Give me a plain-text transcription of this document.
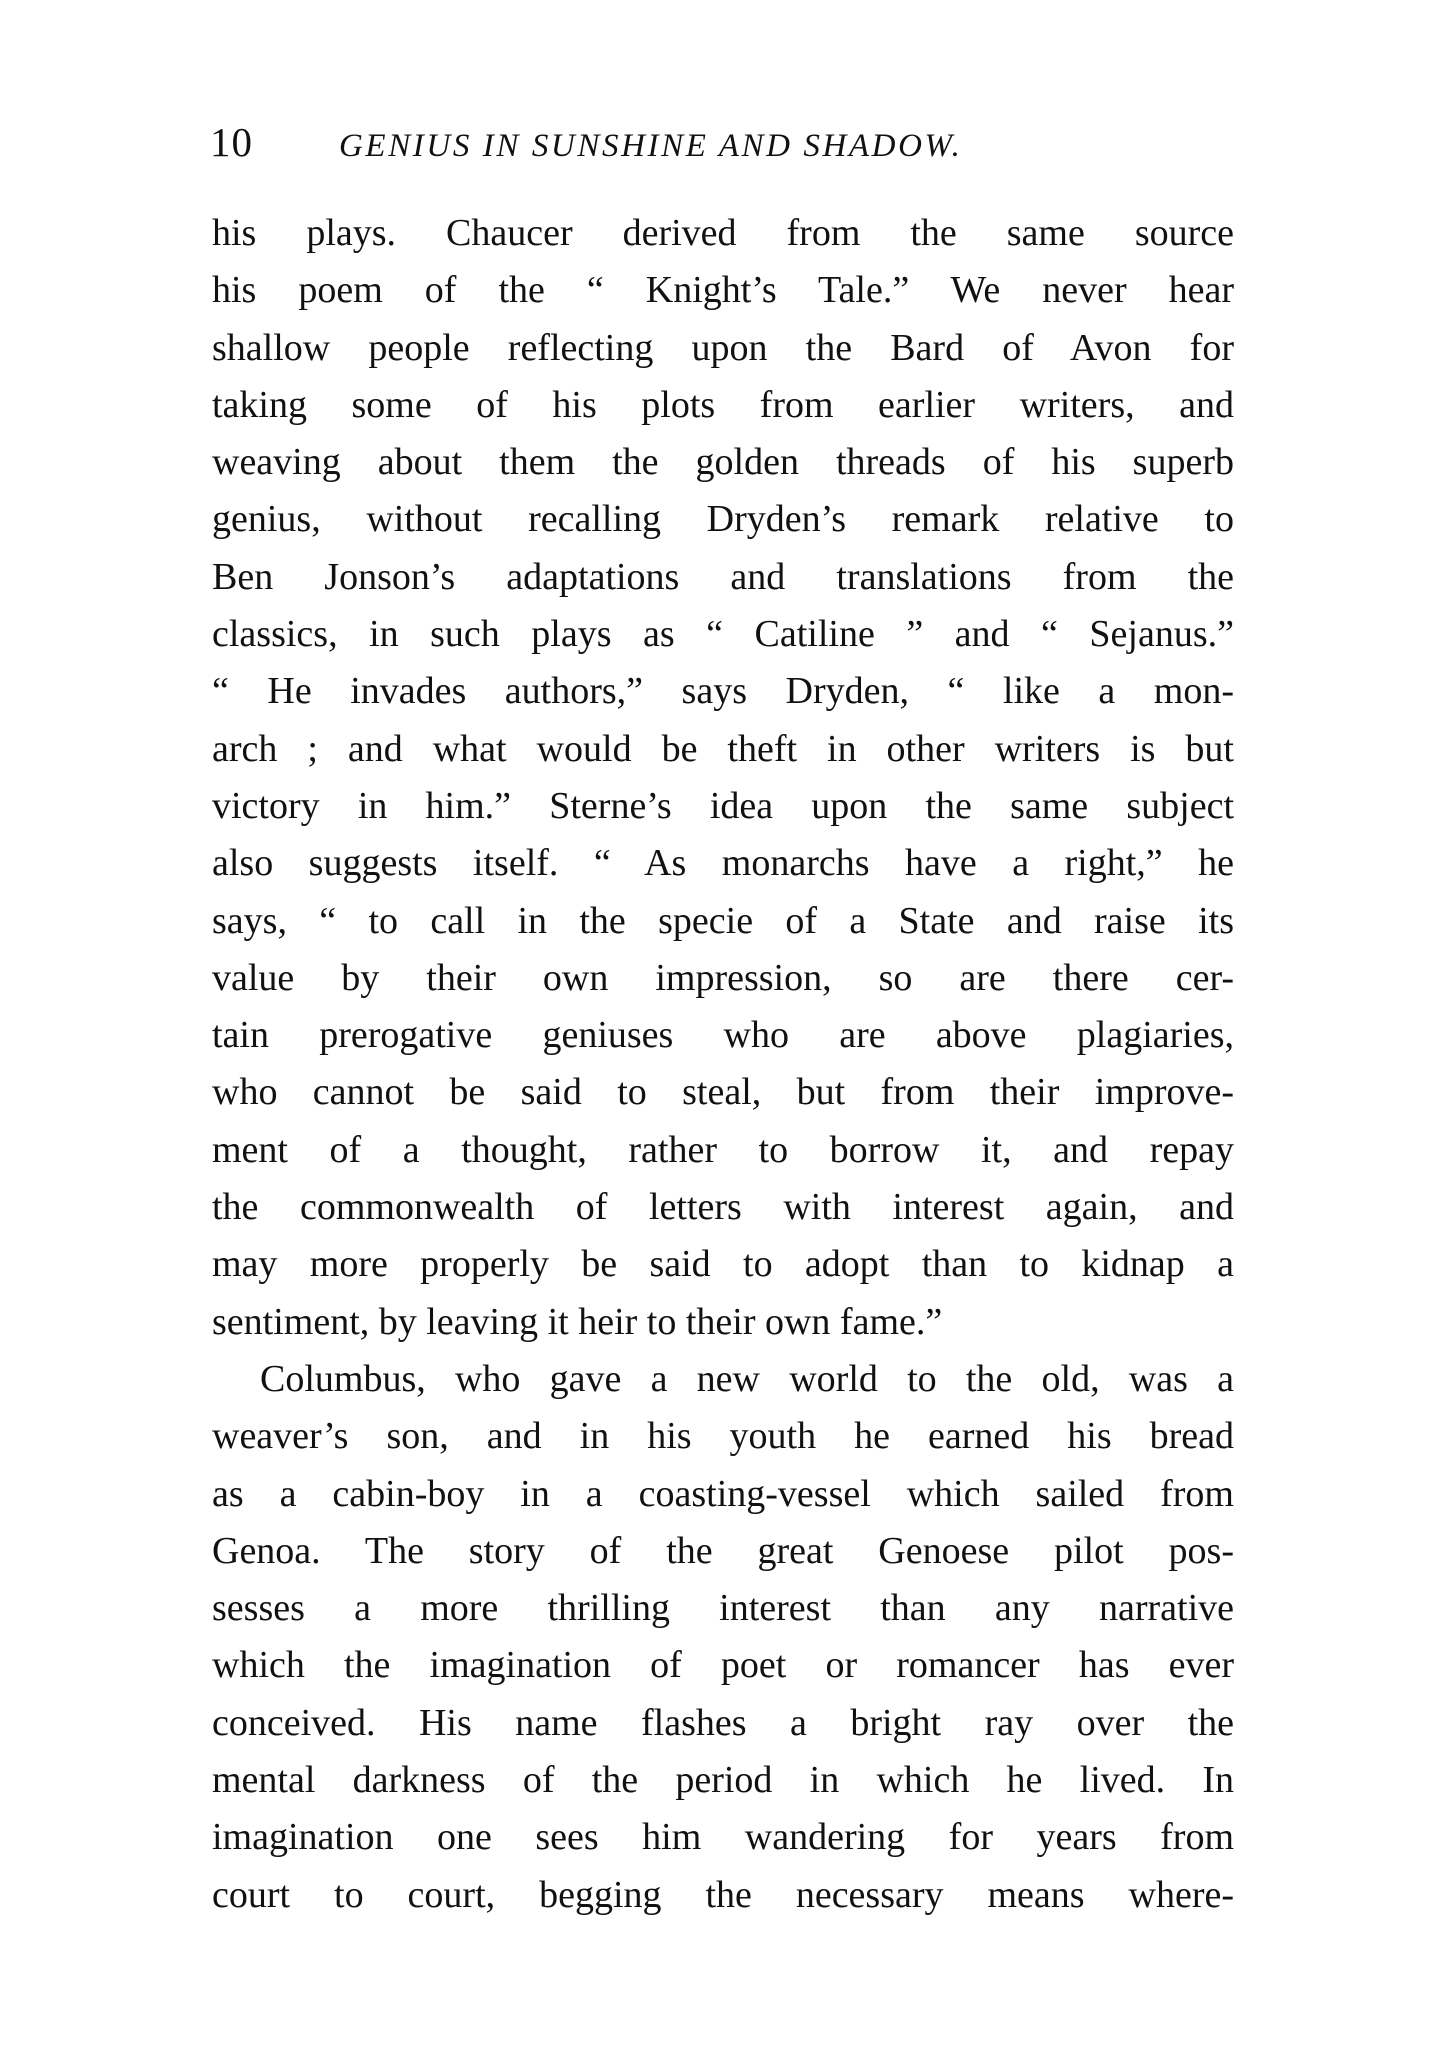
10	GENIUS IN SUNSHINE AND SHADOW.
his plays. Chaucer derived from the same source
his poem of the “ Knight’s Tale.” We never hear
shallow people reflecting upon the Bard of Avon for
taking some of his plots from earlier writers, and
weaving about them the golden threads of his superb
genius, without recalling Dryden’s remark relative to
Ben Jonson’s adaptations and translations from the
classics, in such plays as “ Catiline ” and “ Sejanus.”
“ He invades authors,” says Dryden, “ like a mon-
arch ; and what would be theft in other writers is but
victory in him.” Sterne’s idea upon the same subject
also suggests itself. “ As monarchs have a right,” he
says, “ to call in the specie of a State and raise its
value by their own impression, so are there cer-
tain prerogative geniuses who are above plagiaries,
who cannot be said to steal, but from their improve-
ment of a thought, rather to borrow it, and repay
the commonwealth of letters with interest again, and
may more properly be said to adopt than to kidnap a
sentiment, by leaving it heir to their own fame.”
Columbus, who gave a new world to the old, was a
weaver’s son, and in his youth he earned his bread
as a cabin-boy in a coasting-vessel which sailed from
Genoa. The story of the great Genoese pilot pos-
sesses a more thrilling interest than any narrative
which the imagination of poet or romancer has ever
conceived. His name flashes a bright ray over the
mental darkness of the period in which he lived. In
imagination one sees him wandering for years from
court to court, begging the necessary means where-
